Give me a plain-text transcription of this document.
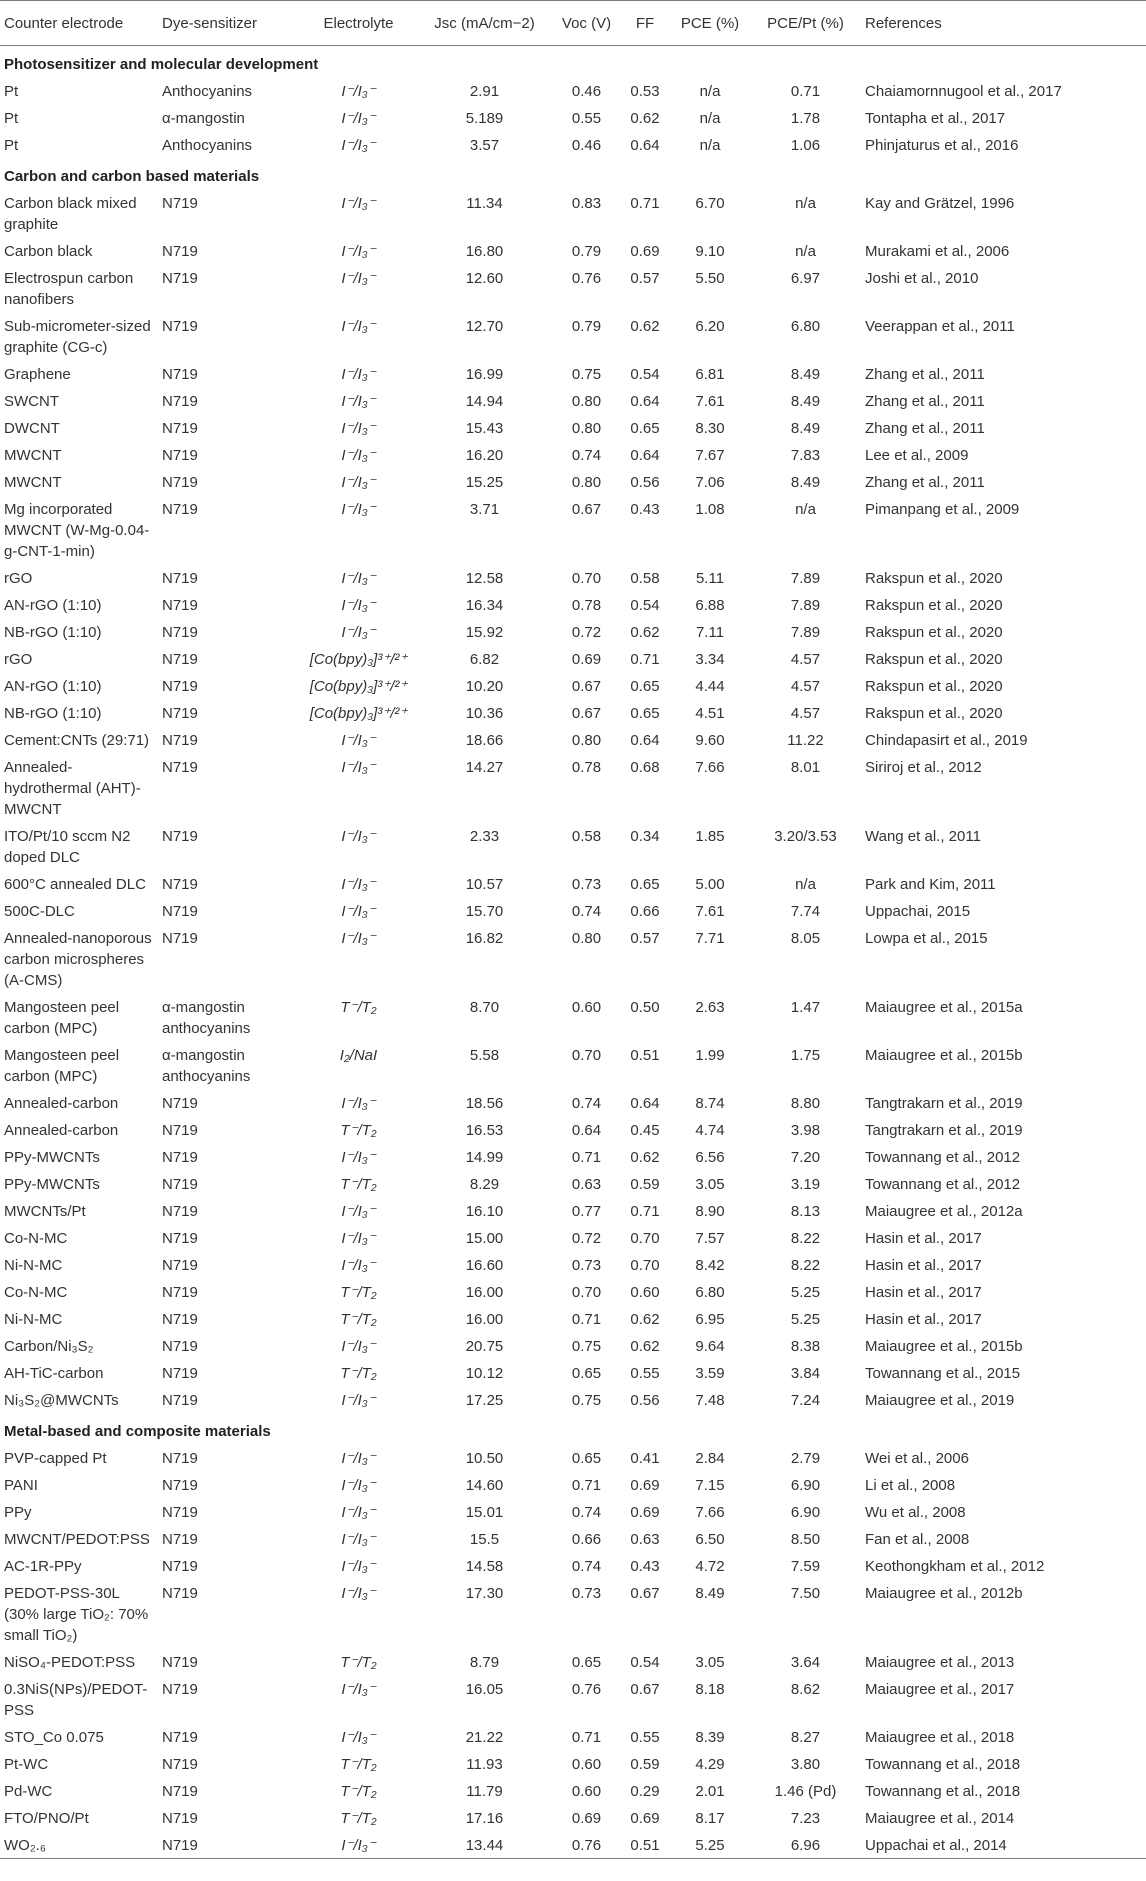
Counter electrode	Dye-sensitizer	Electrolyte	Jsc (mA/cm−2)	Voc (V)	FF	PCE (%)	PCE/Pt (%)	References
Photosensitizer and molecular development								
Pt	Anthocyanins	I⁻/I₃⁻	2.91	0.46	0.53	n/a	0.71	Chaiamornnugool et al., 2017
Pt	α-mangostin	I⁻/I₃⁻	5.189	0.55	0.62	n/a	1.78	Tontapha et al., 2017
Pt	Anthocyanins	I⁻/I₃⁻	3.57	0.46	0.64	n/a	1.06	Phinjaturus et al., 2016
Carbon and carbon based materials								
Carbon black mixed graphite	N719	I⁻/I₃⁻	11.34	0.83	0.71	6.70	n/a	Kay and Grätzel, 1996
Carbon black	N719	I⁻/I₃⁻	16.80	0.79	0.69	9.10	n/a	Murakami et al., 2006
Electrospun carbon nanofibers	N719	I⁻/I₃⁻	12.60	0.76	0.57	5.50	6.97	Joshi et al., 2010
Sub-micrometer-sized graphite (CG-c)	N719	I⁻/I₃⁻	12.70	0.79	0.62	6.20	6.80	Veerappan et al., 2011
Graphene	N719	I⁻/I₃⁻	16.99	0.75	0.54	6.81	8.49	Zhang et al., 2011
SWCNT	N719	I⁻/I₃⁻	14.94	0.80	0.64	7.61	8.49	Zhang et al., 2011
DWCNT	N719	I⁻/I₃⁻	15.43	0.80	0.65	8.30	8.49	Zhang et al., 2011
MWCNT	N719	I⁻/I₃⁻	16.20	0.74	0.64	7.67	7.83	Lee et al., 2009
MWCNT	N719	I⁻/I₃⁻	15.25	0.80	0.56	7.06	8.49	Zhang et al., 2011
Mg incorporated MWCNT (W-Mg-0.04-g-CNT-1-min)	N719	I⁻/I₃⁻	3.71	0.67	0.43	1.08	n/a	Pimanpang et al., 2009
rGO	N719	I⁻/I₃⁻	12.58	0.70	0.58	5.11	7.89	Rakspun et al., 2020
AN-rGO (1:10)	N719	I⁻/I₃⁻	16.34	0.78	0.54	6.88	7.89	Rakspun et al., 2020
NB-rGO (1:10)	N719	I⁻/I₃⁻	15.92	0.72	0.62	7.11	7.89	Rakspun et al., 2020
rGO	N719	[Co(bpy)₃]³⁺/²⁺	6.82	0.69	0.71	3.34	4.57	Rakspun et al., 2020
AN-rGO (1:10)	N719	[Co(bpy)₃]³⁺/²⁺	10.20	0.67	0.65	4.44	4.57	Rakspun et al., 2020
NB-rGO (1:10)	N719	[Co(bpy)₃]³⁺/²⁺	10.36	0.67	0.65	4.51	4.57	Rakspun et al., 2020
Cement:CNTs (29:71)	N719	I⁻/I₃⁻	18.66	0.80	0.64	9.60	11.22	Chindapasirt et al., 2019
Annealed-hydrothermal (AHT)-MWCNT	N719	I⁻/I₃⁻	14.27	0.78	0.68	7.66	8.01	Siriroj et al., 2012
ITO/Pt/10 sccm N2 doped DLC	N719	I⁻/I₃⁻	2.33	0.58	0.34	1.85	3.20/3.53	Wang et al., 2011
600°C annealed DLC	N719	I⁻/I₃⁻	10.57	0.73	0.65	5.00	n/a	Park and Kim, 2011
500C-DLC	N719	I⁻/I₃⁻	15.70	0.74	0.66	7.61	7.74	Uppachai, 2015
Annealed-nanoporous carbon microspheres (A-CMS)	N719	I⁻/I₃⁻	16.82	0.80	0.57	7.71	8.05	Lowpa et al., 2015
Mangosteen peel carbon (MPC)	α-mangostin anthocyanins	T⁻/T₂	8.70	0.60	0.50	2.63	1.47	Maiaugree et al., 2015a
Mangosteen peel carbon (MPC)	α-mangostin anthocyanins	I₂/NaI	5.58	0.70	0.51	1.99	1.75	Maiaugree et al., 2015b
Annealed-carbon	N719	I⁻/I₃⁻	18.56	0.74	0.64	8.74	8.80	Tangtrakarn et al., 2019
Annealed-carbon	N719	T⁻/T₂	16.53	0.64	0.45	4.74	3.98	Tangtrakarn et al., 2019
PPy-MWCNTs	N719	I⁻/I₃⁻	14.99	0.71	0.62	6.56	7.20	Towannang et al., 2012
PPy-MWCNTs	N719	T⁻/T₂	8.29	0.63	0.59	3.05	3.19	Towannang et al., 2012
MWCNTs/Pt	N719	I⁻/I₃⁻	16.10	0.77	0.71	8.90	8.13	Maiaugree et al., 2012a
Co-N-MC	N719	I⁻/I₃⁻	15.00	0.72	0.70	7.57	8.22	Hasin et al., 2017
Ni-N-MC	N719	I⁻/I₃⁻	16.60	0.73	0.70	8.42	8.22	Hasin et al., 2017
Co-N-MC	N719	T⁻/T₂	16.00	0.70	0.60	6.80	5.25	Hasin et al., 2017
Ni-N-MC	N719	T⁻/T₂	16.00	0.71	0.62	6.95	5.25	Hasin et al., 2017
Carbon/Ni₃S₂	N719	I⁻/I₃⁻	20.75	0.75	0.62	9.64	8.38	Maiaugree et al., 2015b
AH-TiC-carbon	N719	T⁻/T₂	10.12	0.65	0.55	3.59	3.84	Towannang et al., 2015
Ni₃S₂@MWCNTs	N719	I⁻/I₃⁻	17.25	0.75	0.56	7.48	7.24	Maiaugree et al., 2019
Metal-based and composite materials								
PVP-capped Pt	N719	I⁻/I₃⁻	10.50	0.65	0.41	2.84	2.79	Wei et al., 2006
PANI	N719	I⁻/I₃⁻	14.60	0.71	0.69	7.15	6.90	Li et al., 2008
PPy	N719	I⁻/I₃⁻	15.01	0.74	0.69	7.66	6.90	Wu et al., 2008
MWCNT/PEDOT:PSS	N719	I⁻/I₃⁻	15.5	0.66	0.63	6.50	8.50	Fan et al., 2008
AC-1R-PPy	N719	I⁻/I₃⁻	14.58	0.74	0.43	4.72	7.59	Keothongkham et al., 2012
PEDOT-PSS-30L (30% large TiO₂: 70% small TiO₂)	N719	I⁻/I₃⁻	17.30	0.73	0.67	8.49	7.50	Maiaugree et al., 2012b
NiSO₄-PEDOT:PSS	N719	T⁻/T₂	8.79	0.65	0.54	3.05	3.64	Maiaugree et al., 2013
0.3NiS(NPs)/PEDOT-PSS	N719	I⁻/I₃⁻	16.05	0.76	0.67	8.18	8.62	Maiaugree et al., 2017
STO_Co 0.075	N719	I⁻/I₃⁻	21.22	0.71	0.55	8.39	8.27	Maiaugree et al., 2018
Pt-WC	N719	T⁻/T₂	11.93	0.60	0.59	4.29	3.80	Towannang et al., 2018
Pd-WC	N719	T⁻/T₂	11.79	0.60	0.29	2.01	1.46 (Pd)	Towannang et al., 2018
FTO/PNO/Pt	N719	T⁻/T₂	17.16	0.69	0.69	8.17	7.23	Maiaugree et al., 2014
WO₂.₆	N719	I⁻/I₃⁻	13.44	0.76	0.51	5.25	6.96	Uppachai et al., 2014
